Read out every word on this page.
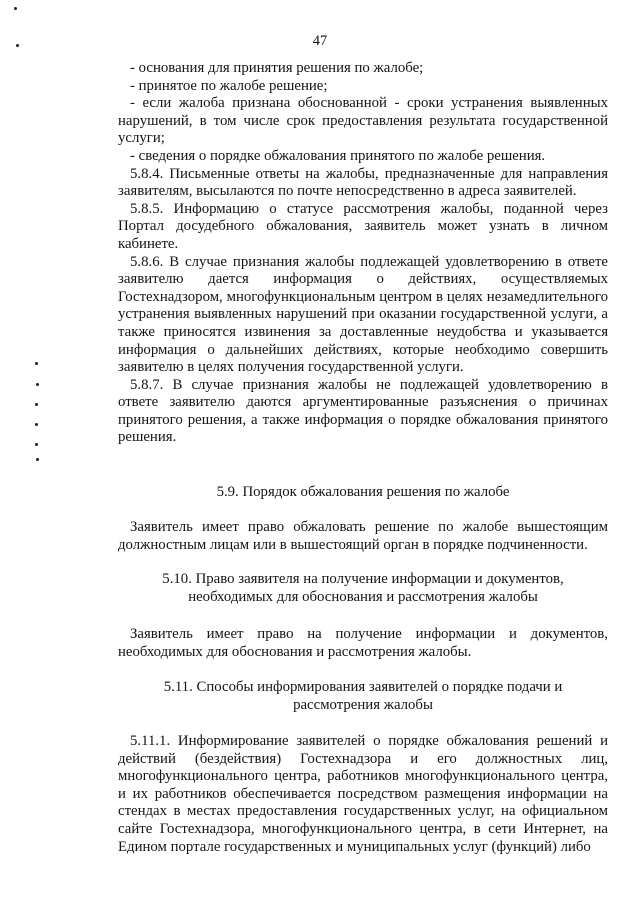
47

- основания для принятия решения по жалобе;

- принятое по жалобе решение;

- если жалоба признана обоснованной - сроки устранения выявленных нарушений, в том числе срок предоставления результата государственной услуги;

- сведения о порядке обжалования принятого по жалобе решения.

5.8.4. Письменные ответы на жалобы, предназначенные для направления заявителям, высылаются по почте непосредственно в адреса заявителей.

5.8.5. Информацию о статусе рассмотрения жалобы, поданной через Портал досудебного обжалования, заявитель может узнать в личном кабинете.

5.8.6. В случае признания жалобы подлежащей удовлетворению в ответе заявителю дается информация о действиях, осуществляемых Гостехнадзором, многофункциональным центром в целях незамедлительного устранения выявленных нарушений при оказании государственной услуги, а также приносятся извинения за доставленные неудобства и указывается информация о дальнейших действиях, которые необходимо совершить заявителю в целях получения государственной услуги.

5.8.7. В случае признания жалобы не подлежащей удовлетворению в ответе заявителю даются аргументированные разъяснения о причинах принятого решения, а также информация о порядке обжалования принятого решения.

5.9. Порядок обжалования решения по жалобе

Заявитель имеет право обжаловать решение по жалобе вышестоящим должностным лицам или в вышестоящий орган в порядке подчиненности.

5.10. Право заявителя на получение информации и документов,

необходимых для обоснования и рассмотрения жалобы

Заявитель имеет право на получение информации и документов, необходимых для обоснования и рассмотрения жалобы.

5.11. Способы информирования заявителей о порядке подачи и

рассмотрения жалобы

5.11.1. Информирование заявителей о порядке обжалования решений и действий (бездействия) Гостехнадзора и его должностных лиц, многофункционального центра, работников многофункционального центра, и их работников обеспечивается посредством размещения информации на стендах в местах предоставления государственных услуг, на официальном сайте Гостехнадзора, многофункционального центра, в сети Интернет, на Едином портале государственных и муниципальных услуг (функций) либо
